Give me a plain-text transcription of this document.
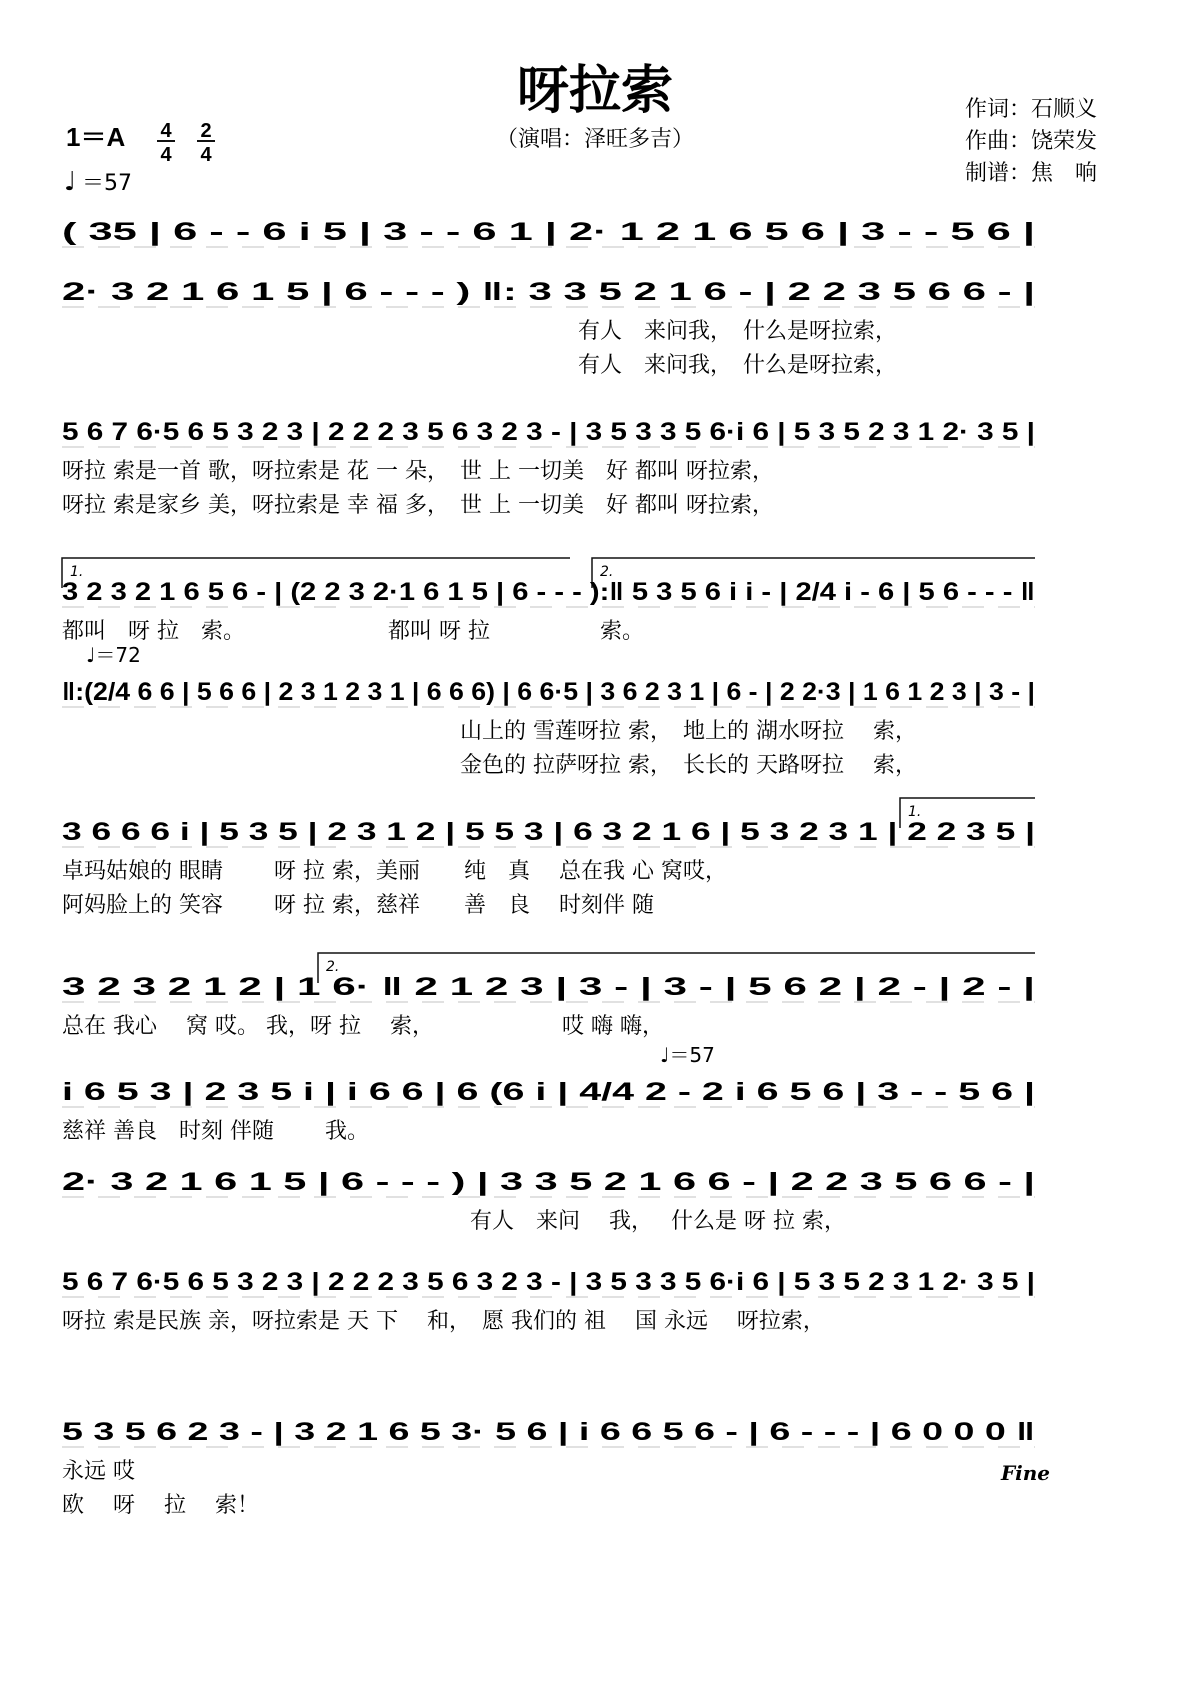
呀拉索
（演唱：泽旺多吉）
作词：石顺义
作曲：饶荣发
制谱：焦　响
1＝A 4
4
2
4
♩ ＝57
( 35 | 6 - - 6 i 5 | 3 - - 6 1 | 2· 1 2 1 6 5 6 | 3 - - 5 6 |
2· 3 2 1 6 1 5 | 6 - - - ) ‖: 3 3 5 2 1 6 - | 2 2 3 5 6 6 - |
有人　来问我，　什么是呀拉索，
有人　来问我，　什么是呀拉索，
5 6 7 6·5 6 5 3 2 3 | 2 2 2 3 5 6 3 2 3 - | 3 5 3 3 5 6·i 6 | 5 3 5 2 3 1 2· 3 5 |
呀拉 索是一首 歌，呀拉索是 花 一 朵，　世 上 一切美　好 都叫 呀拉索，
呀拉 索是家乡 美，呀拉索是 幸 福 多，　世 上 一切美　好 都叫 呀拉索，
1.	2.
3 2 3 2 1 6 5 6 - | (2 2 3 2·1 6 1 5 | 6 - - - ):‖ 5 3 5 6 i i - | 2/4 i - 6 | 5 6 - - - ‖
都叫　呀 拉　索。　　　　　　　都叫 呀 拉　　　　　索。
♩＝72
‖:(2/4 6 6 | 5 6 6 | 2 3 1 2 3 1 | 6 6 6) | 6 6·5 | 3 6 2 3 1 | 6 - | 2 2·3 | 1 6 1 2 3 | 3 - |
山上的 雪莲呀拉 索，　地上的 湖水呀拉　 索，
金色的 拉萨呀拉 索，　长长的 天路呀拉　 索，
1.
3 6 6 6 i | 5 3 5 | 2 3 1 2 | 5 5 3 | 6 3 2 1 6 | 5 3 2 3 1 | 2 2 3 5 |
卓玛姑娘的 眼睛　　 呀 拉 索，美丽　　纯　真　 总在我 心 窝哎，
阿妈脸上的 笑容　　 呀 拉 索，慈祥　　善　良　 时刻伴 随
2.
3 2 3 2 1 2 | 1 6· ‖ 2 1 2 3 | 3 - | 3 - | 5 6 2 | 2 - | 2 - |
总在 我心　 窝 哎。 我，呀 拉　 索，　　　　　　 哎 嗨 嗨，
♩＝57
i 6 5 3 | 2 3 5 i | i 6 6 | 6 (6 i | 4/4 2 - 2 i 6 5 6 | 3 - - 5 6 |
慈祥 善良　时刻 伴随　　 我。
2· 3 2 1 6 1 5 | 6 - - - ) | 3 3 5 2 1 6 6 - | 2 2 3 5 6 6 - |
有人　来问　 我，　 什么是 呀 拉 索，
5 6 7 6·5 6 5 3 2 3 | 2 2 2 3 5 6 3 2 3 - | 3 5 3 3 5 6·i 6 | 5 3 5 2 3 1 2· 3 5 |
呀拉 索是民族 亲，呀拉索是 天 下　 和，　愿 我们的 祖　 国 永远　 呀拉索，
5 3 5 6 2 3 - | 3 2 1 6 5 3· 5 6 | i 6 6 5 6 - | 6 - - - | 6 0 0 0 ‖
永远 哎
欧　 呀　 拉　 索！
Fine
